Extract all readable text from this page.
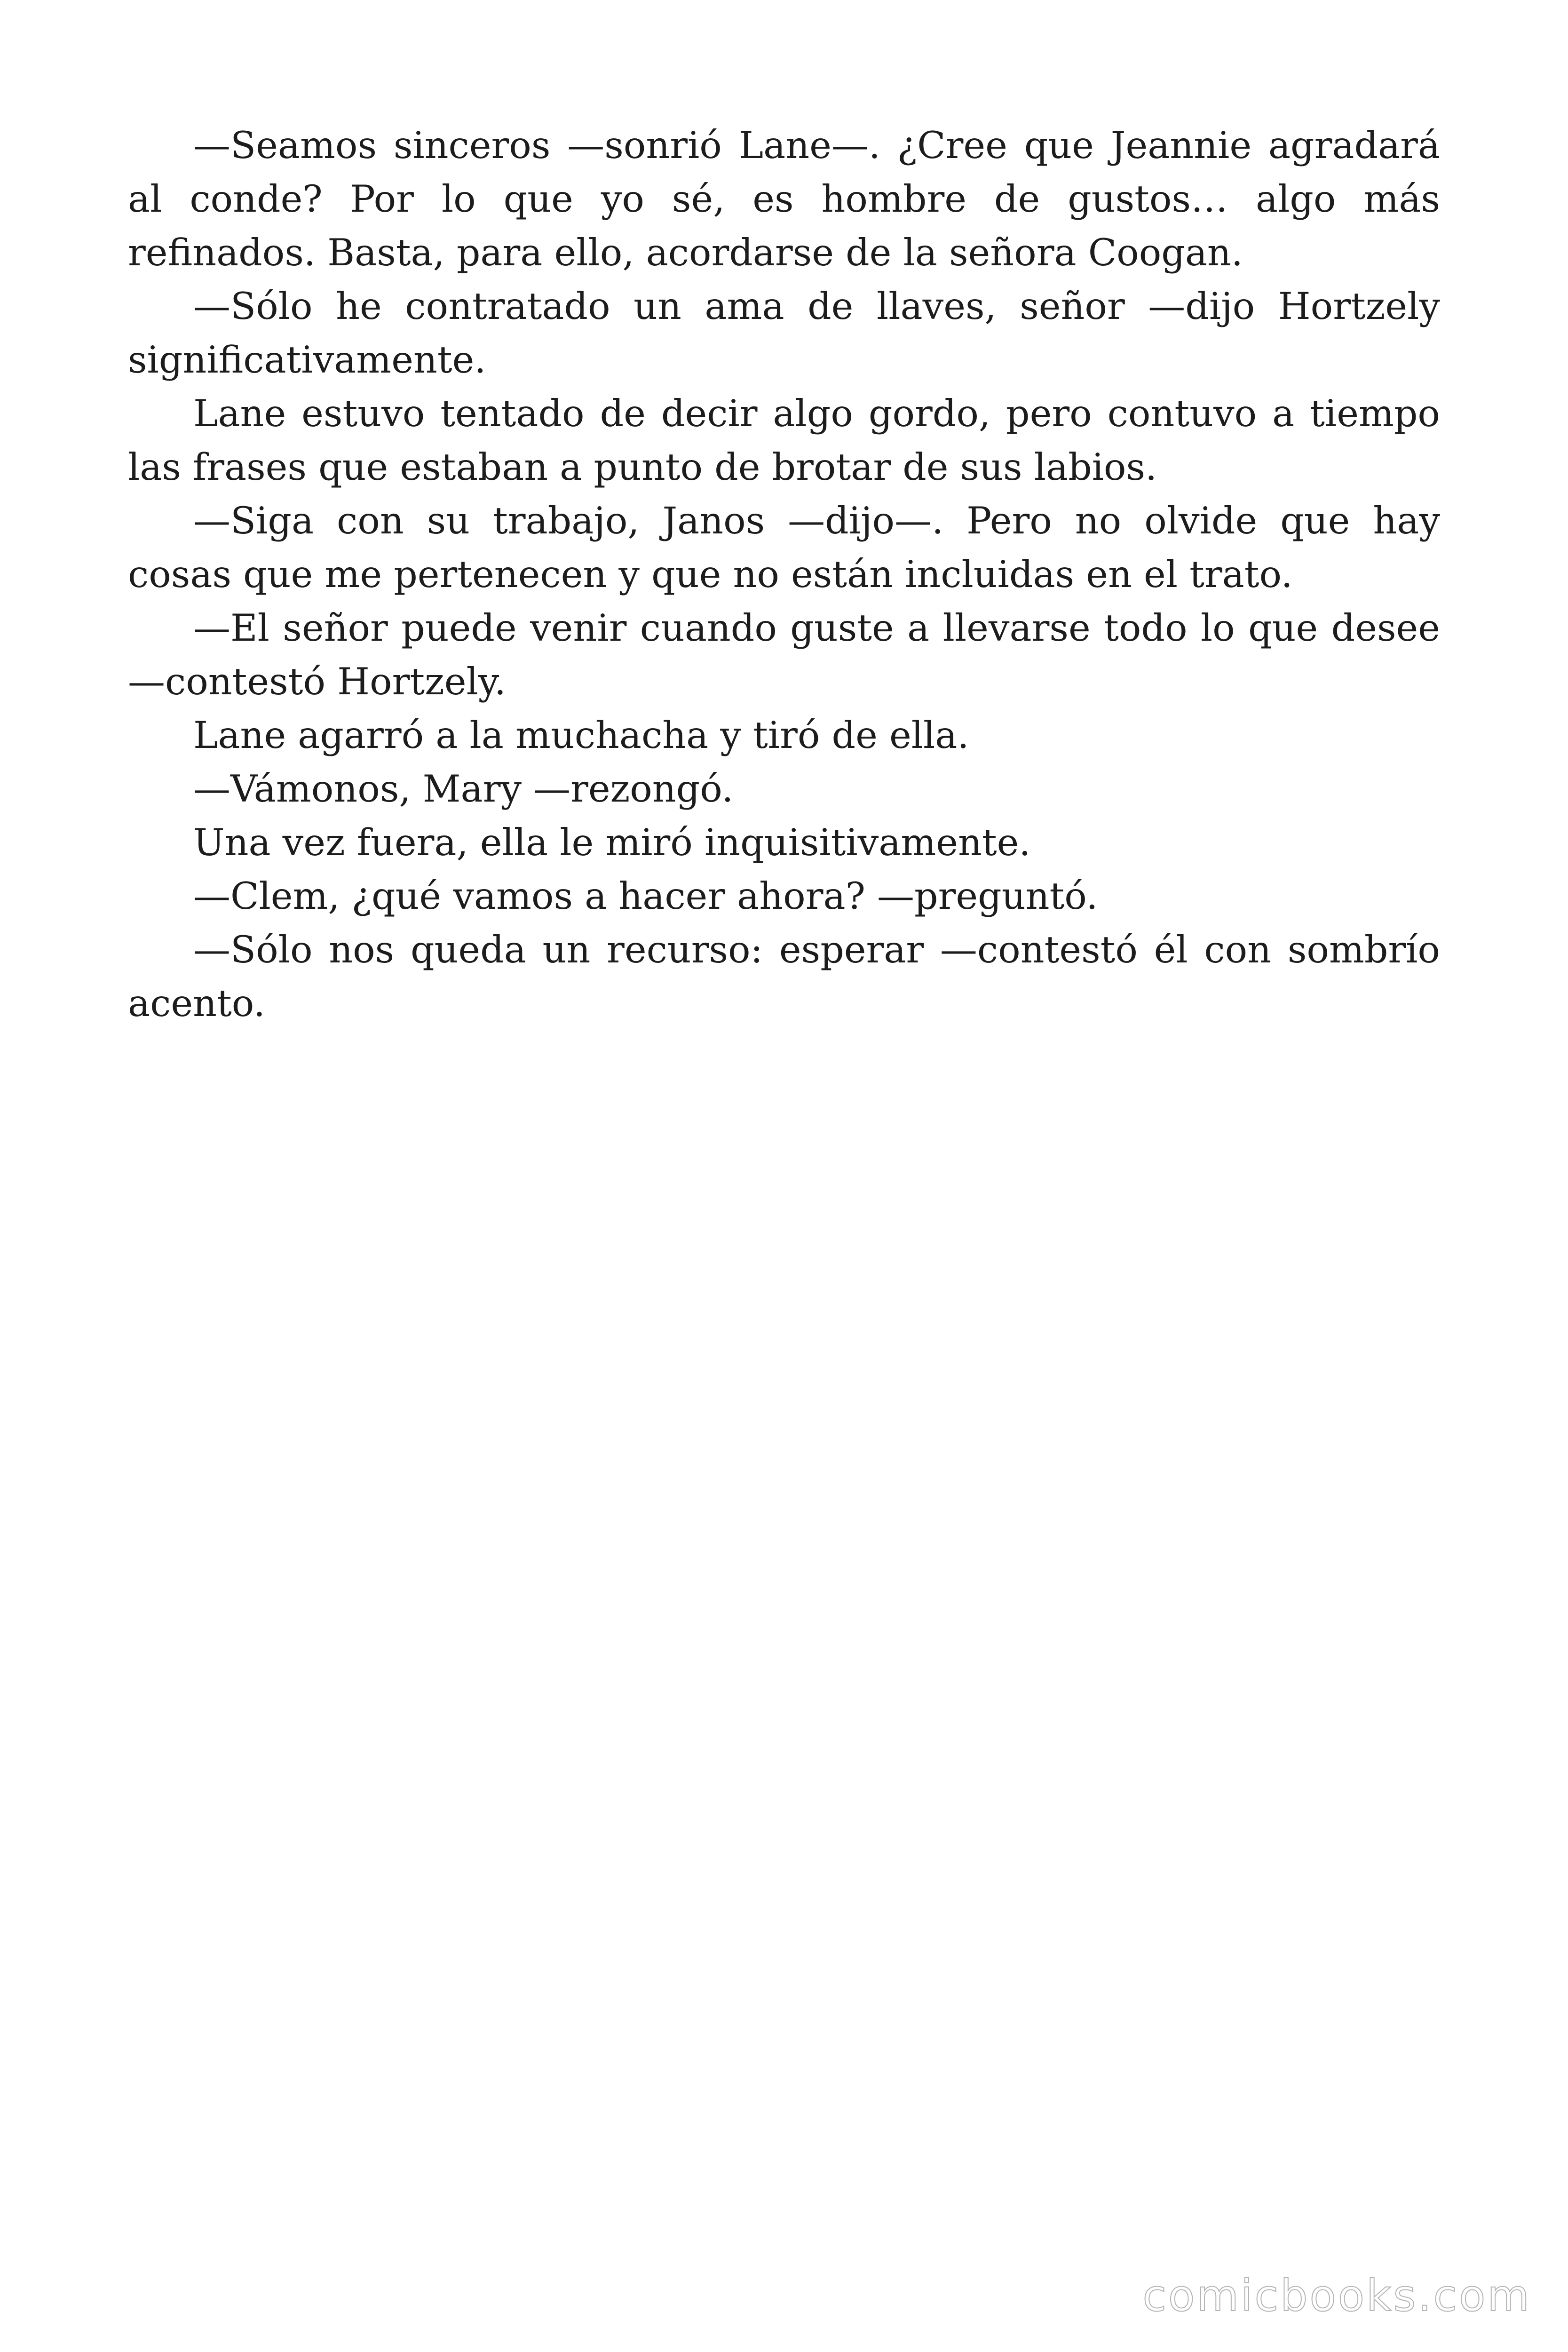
—Seamos sinceros —sonrió Lane—. ¿Cree que Jeannie agradará al conde? Por lo que yo sé, es hombre de gustos… algo más refinados. Basta, para ello, acordarse de la señora Coogan.

—Sólo he contratado un ama de llaves, señor —dijo Hortzely significativamente.

Lane estuvo tentado de decir algo gordo, pero contuvo a tiempo las frases que estaban a punto de brotar de sus labios.

—Siga con su trabajo, Janos —dijo—. Pero no olvide que hay cosas que me pertenecen y que no están incluidas en el trato.

—El señor puede venir cuando guste a llevarse todo lo que desee —contestó Hortzely.

Lane agarró a la muchacha y tiró de ella.

—Vámonos, Mary —rezongó.

Una vez fuera, ella le miró inquisitivamente.

—Clem, ¿qué vamos a hacer ahora? —preguntó.

—Sólo nos queda un recurso: esperar —contestó él con sombrío acento.

comicbooks.com
